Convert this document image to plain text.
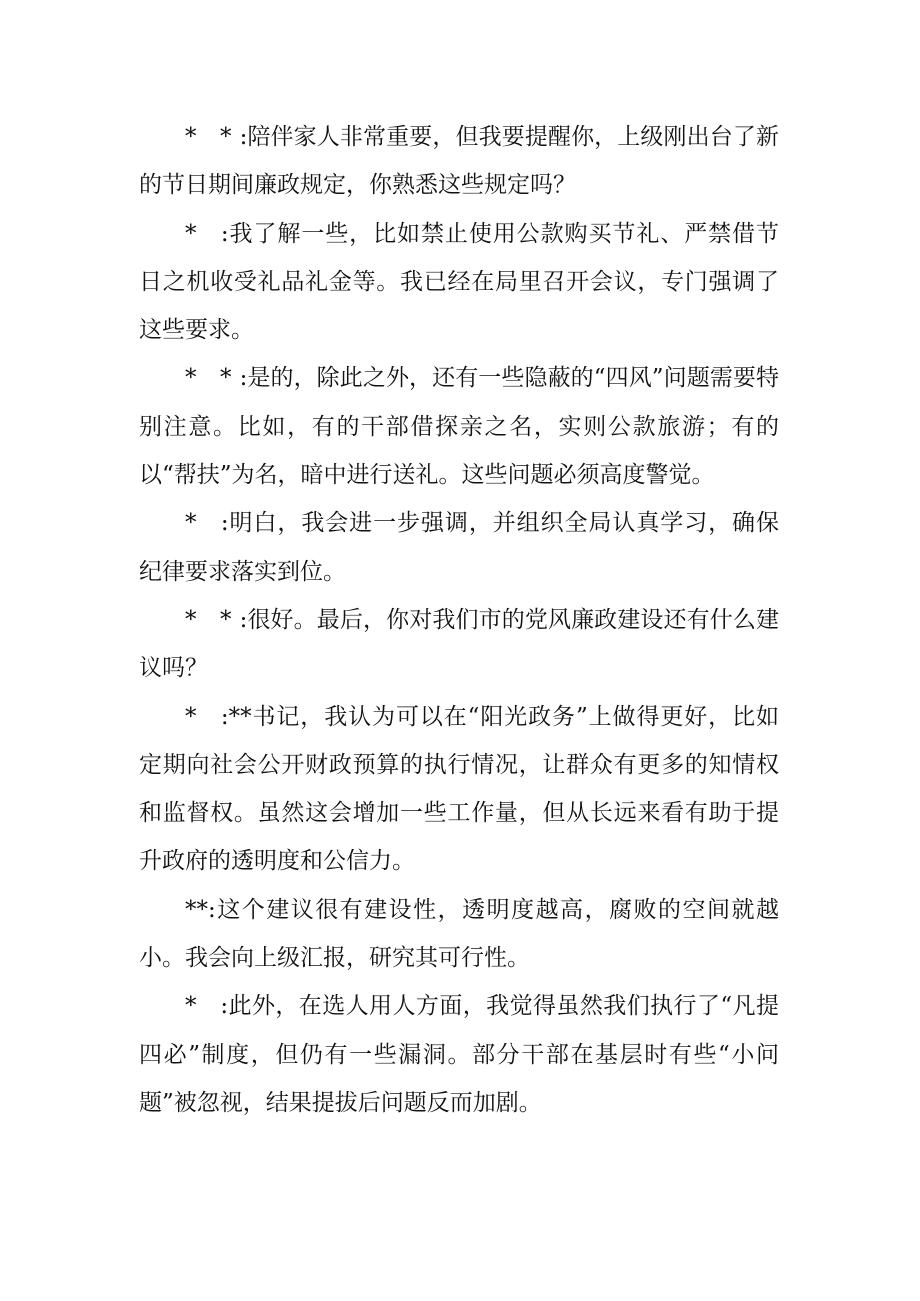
* *:陪伴家人非常重要，但我要提醒你，上级刚出台了新的节日期间廉政规定，你熟悉这些规定吗？

* :我了解一些，比如禁止使用公款购买节礼、严禁借节日之机收受礼品礼金等。我已经在局里召开会议，专门强调了这些要求。

* *:是的，除此之外，还有一些隐蔽的“四风”问题需要特别注意。比如，有的干部借探亲之名，实则公款旅游；有的以“帮扶”为名，暗中进行送礼。这些问题必须高度警觉。

* :明白，我会进一步强调，并组织全局认真学习，确保纪律要求落实到位。

* *:很好。最后，你对我们市的党风廉政建设还有什么建议吗？

* :**书记，我认为可以在“阳光政务”上做得更好，比如定期向社会公开财政预算的执行情况，让群众有更多的知情权和监督权。虽然这会增加一些工作量，但从长远来看有助于提升政府的透明度和公信力。

**:这个建议很有建设性，透明度越高，腐败的空间就越小。我会向上级汇报，研究其可行性。

* :此外，在选人用人方面，我觉得虽然我们执行了“凡提四必”制度，但仍有一些漏洞。部分干部在基层时有些“小问题”被忽视，结果提拔后问题反而加剧。
